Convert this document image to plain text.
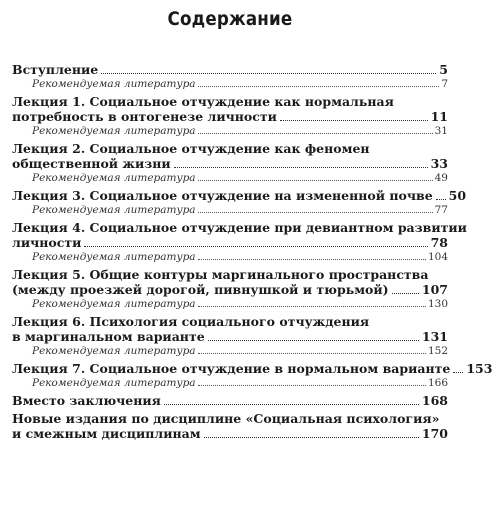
Содержание
Вступление	5
Рекомендуемая литература	7
Лекция 1. Социальное отчуждение как нормальная
потребность в онтогенезе личности	11
Рекомендуемая литература	31
Лекция 2. Социальное отчуждение как феномен
общественной жизни	33
Рекомендуемая литература	49
Лекция 3. Социальное отчуждение на измененной почве 50
Рекомендуемая литература	77
Лекция 4. Социальное отчуждение при девиантном развитии
личности	78
Рекомендуемая литература	104
Лекция 5. Общие контуры маргинального пространства
(между проезжей дорогой, пивнушкой и тюрьмой)	107
Рекомендуемая литература	130
Лекция 6. Психология социального отчуждения
в маргинальном варианте	131
Рекомендуемая литература	152
Лекция 7. Социальное отчуждение в нормальном варианте 153
Рекомендуемая литература	166
Вместо заключения	168
Новые издания по дисциплине «Социальная психология»
и смежным дисциплинам	170
